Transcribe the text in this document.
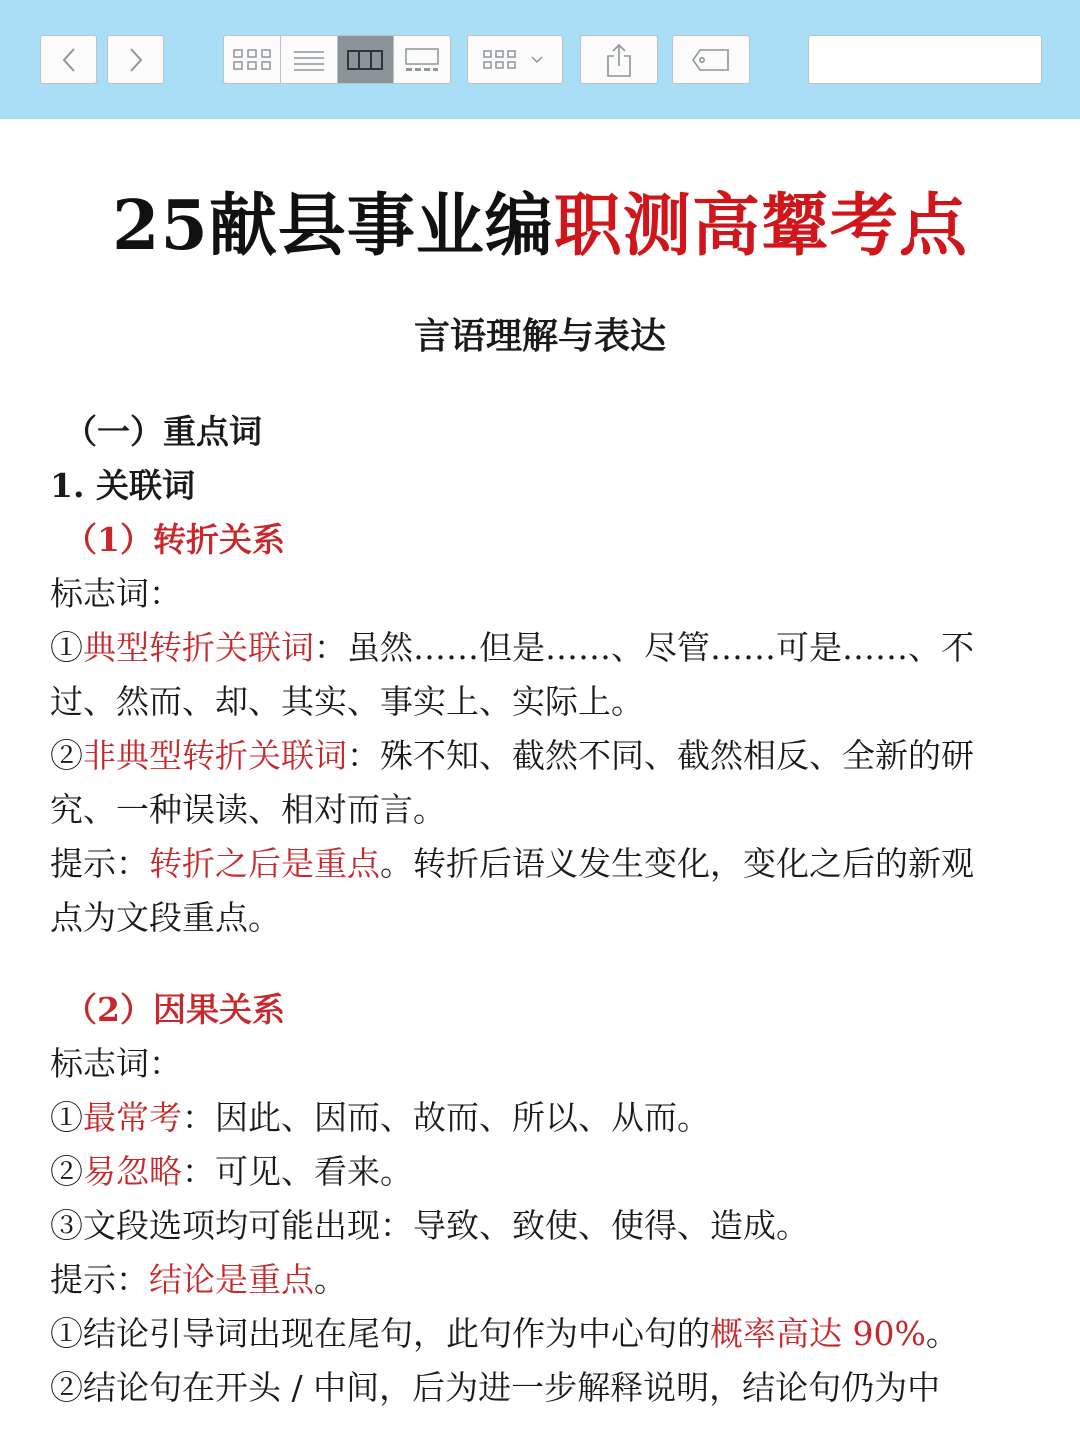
25献县事业编职测高颦考点
言语理解与表达
（一）重点词
1. 关联词
（1）转折关系
标志词：
①典型转折关联词：虽然……但是……、尽管……可是……、不
过、然而、却、其实、事实上、实际上。
②非典型转折关联词：殊不知、截然不同、截然相反、全新的研
究、一种误读、相对而言。
提示：转折之后是重点。转折后语义发生变化，变化之后的新观
点为文段重点。
（2）因果关系
标志词：
①最常考：因此、因而、故而、所以、从而。
②易忽略：可见、看来。
③文段选项均可能出现：导致、致使、使得、造成。
提示：结论是重点。
①结论引导词出现在尾句，此句作为中心句的概率高达 90%。
②结论句在开头 / 中间，后为进一步解释说明，结论句仍为中
